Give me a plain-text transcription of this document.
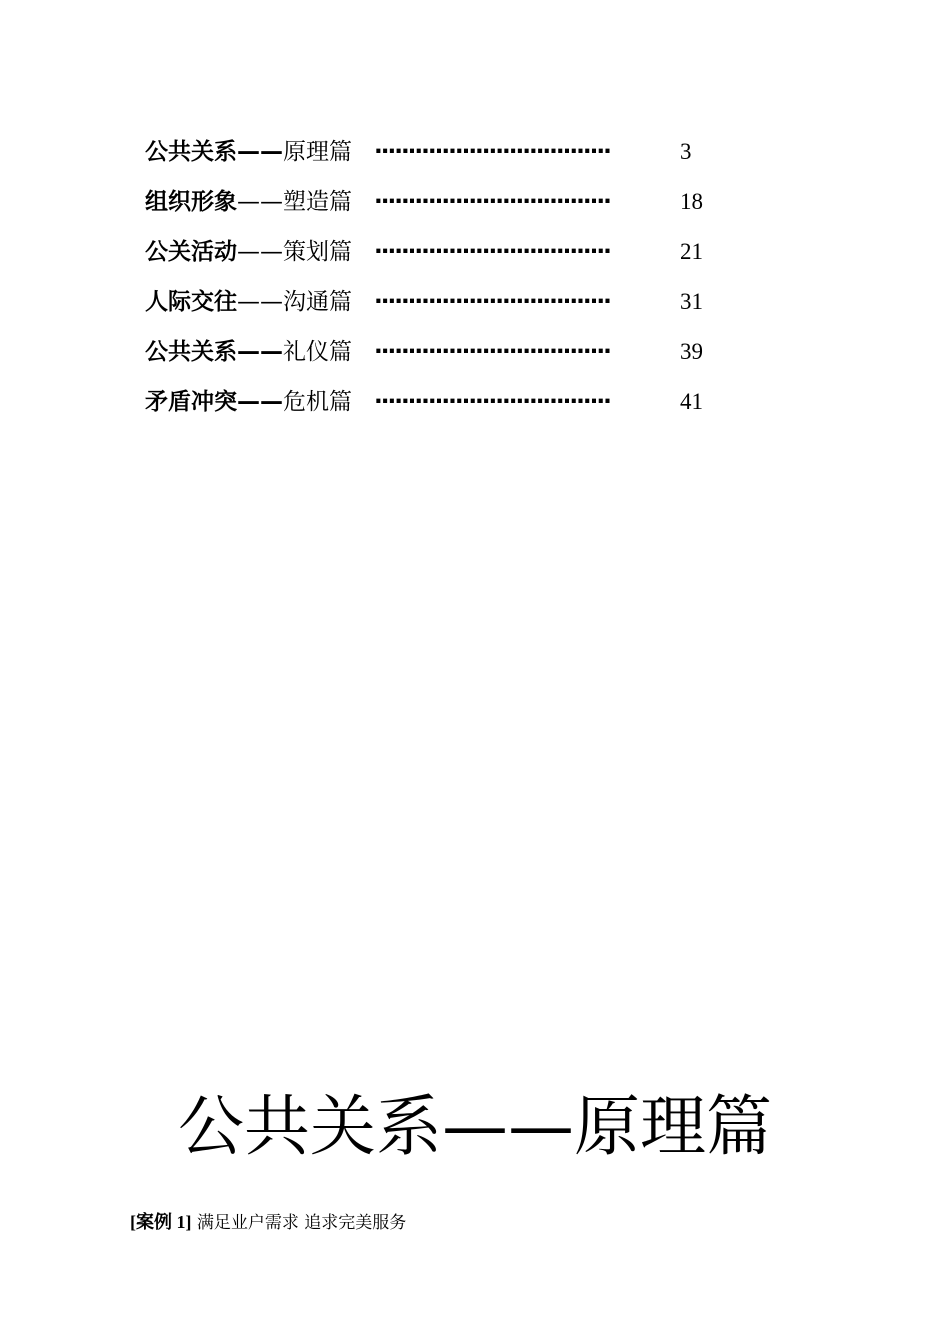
公共关系——原理篇 ···································	3
组织形象——塑造篇 ···································	18
公关活动——策划篇 ···································	21
人际交往——沟通篇 ···································	31
公共关系——礼仪篇 ···································	39
矛盾冲突——危机篇 ···································	41
公共关系——原理篇
[案例 1] 满足业户需求 追求完美服务
